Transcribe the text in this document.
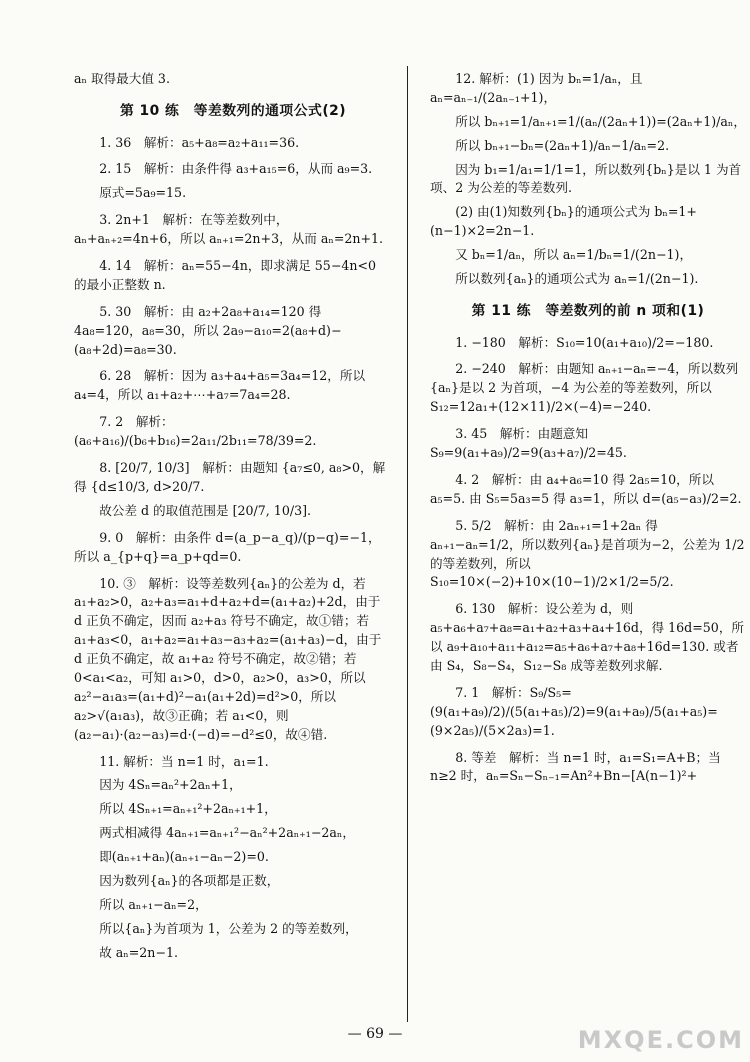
aₙ 取得最大值 3.
第 10 练　等差数列的通项公式(2)
1. 36　解析：a₅+a₈=a₂+a₁₁=36.
2. 15　解析：由条件得 a₃+a₁₅=6，从而 a₉=3.
原式=5a₉=15.
3. 2n+1　解析：在等差数列中，aₙ+aₙ₊₂=4n+6，所以 aₙ₊₁=2n+3，从而 aₙ=2n+1.
4. 14　解析：aₙ=55−4n，即求满足 55−4n<0 的最小正整数 n.
5. 30　解析：由 a₂+2a₈+a₁₄=120 得 4a₈=120，a₈=30，所以 2a₉−a₁₀=2(a₈+d)−(a₈+2d)=a₈=30.
6. 28　解析：因为 a₃+a₄+a₅=3a₄=12，所以 a₄=4，所以 a₁+a₂+⋯+a₇=7a₄=28.
7. 2　解析：(a₆+a₁₆)/(b₆+b₁₆)=2a₁₁/2b₁₁=78/39=2.
8. [20/7, 10/3]　解析：由题知 {a₇≤0, a₈>0，解得 {d≤10/3, d>20/7.
故公差 d 的取值范围是 [20/7, 10/3].
9. 0　解析：由条件 d=(a_p−a_q)/(p−q)=−1，所以 a_{p+q}=a_p+qd=0.
10. ③　解析：设等差数列{aₙ}的公差为 d，若 a₁+a₂>0，a₂+a₃=a₁+d+a₂+d=(a₁+a₂)+2d，由于 d 正负不确定，因而 a₂+a₃ 符号不确定，故①错；若 a₁+a₃<0，a₁+a₂=a₁+a₃−a₃+a₂=(a₁+a₃)−d，由于 d 正负不确定，故 a₁+a₂ 符号不确定，故②错；若 0<a₁<a₂，可知 a₁>0，d>0，a₂>0，a₃>0，所以 a₂²−a₁a₃=(a₁+d)²−a₁(a₁+2d)=d²>0，所以 a₂>√(a₁a₃)，故③正确；若 a₁<0，则(a₂−a₁)·(a₂−a₃)=d·(−d)=−d²≤0，故④错.
11. 解析：当 n=1 时，a₁=1.
因为 4Sₙ=aₙ²+2aₙ+1，
所以 4Sₙ₊₁=aₙ₊₁²+2aₙ₊₁+1，
两式相减得 4aₙ₊₁=aₙ₊₁²−aₙ²+2aₙ₊₁−2aₙ，
即(aₙ₊₁+aₙ)(aₙ₊₁−aₙ−2)=0.
因为数列{aₙ}的各项都是正数，
所以 aₙ₊₁−aₙ=2，
所以{aₙ}为首项为 1，公差为 2 的等差数列，
故 aₙ=2n−1.
12. 解析：(1) 因为 bₙ=1/aₙ，且 aₙ=aₙ₋₁/(2aₙ₋₁+1)，
所以 bₙ₊₁=1/aₙ₊₁=1/(aₙ/(2aₙ+1))=(2aₙ+1)/aₙ，
所以 bₙ₊₁−bₙ=(2aₙ+1)/aₙ−1/aₙ=2.
因为 b₁=1/a₁=1/1=1，所以数列{bₙ}是以 1 为首项、2 为公差的等差数列.
(2) 由(1)知数列{bₙ}的通项公式为 bₙ=1+(n−1)×2=2n−1.
又 bₙ=1/aₙ，所以 aₙ=1/bₙ=1/(2n−1)，
所以数列{aₙ}的通项公式为 aₙ=1/(2n−1).
第 11 练　等差数列的前 n 项和(1)
1. −180　解析：S₁₀=10(a₁+a₁₀)/2=−180.
2. −240　解析：由题知 aₙ₊₁−aₙ=−4，所以数列{aₙ}是以 2 为首项，−4 为公差的等差数列，所以 S₁₂=12a₁+(12×11)/2×(−4)=−240.
3. 45　解析：由题意知 S₉=9(a₁+a₉)/2=9(a₃+a₇)/2=45.
4. 2　解析：由 a₄+a₆=10 得 2a₅=10，所以 a₅=5. 由 S₅=5a₃=5 得 a₃=1，所以 d=(a₅−a₃)/2=2.
5. 5/2　解析：由 2aₙ₊₁=1+2aₙ 得 aₙ₊₁−aₙ=1/2，所以数列{aₙ}是首项为−2，公差为 1/2 的等差数列，所以 S₁₀=10×(−2)+10×(10−1)/2×1/2=5/2.
6. 130　解析：设公差为 d，则 a₅+a₆+a₇+a₈=a₁+a₂+a₃+a₄+16d，得 16d=50，所以 a₉+a₁₀+a₁₁+a₁₂=a₅+a₆+a₇+a₈+16d=130. 或者由 S₄，S₈−S₄，S₁₂−S₈ 成等差数列求解.
7. 1　解析：S₉/S₅=(9(a₁+a₉)/2)/(5(a₁+a₅)/2)=9(a₁+a₉)/5(a₁+a₅)=(9×2a₅)/(5×2a₃)=1.
8. 等差　解析：当 n=1 时，a₁=S₁=A+B；当 n≥2 时，aₙ=Sₙ−Sₙ₋₁=An²+Bn−[A(n−1)²+
— 69 —	MXQE.COM
